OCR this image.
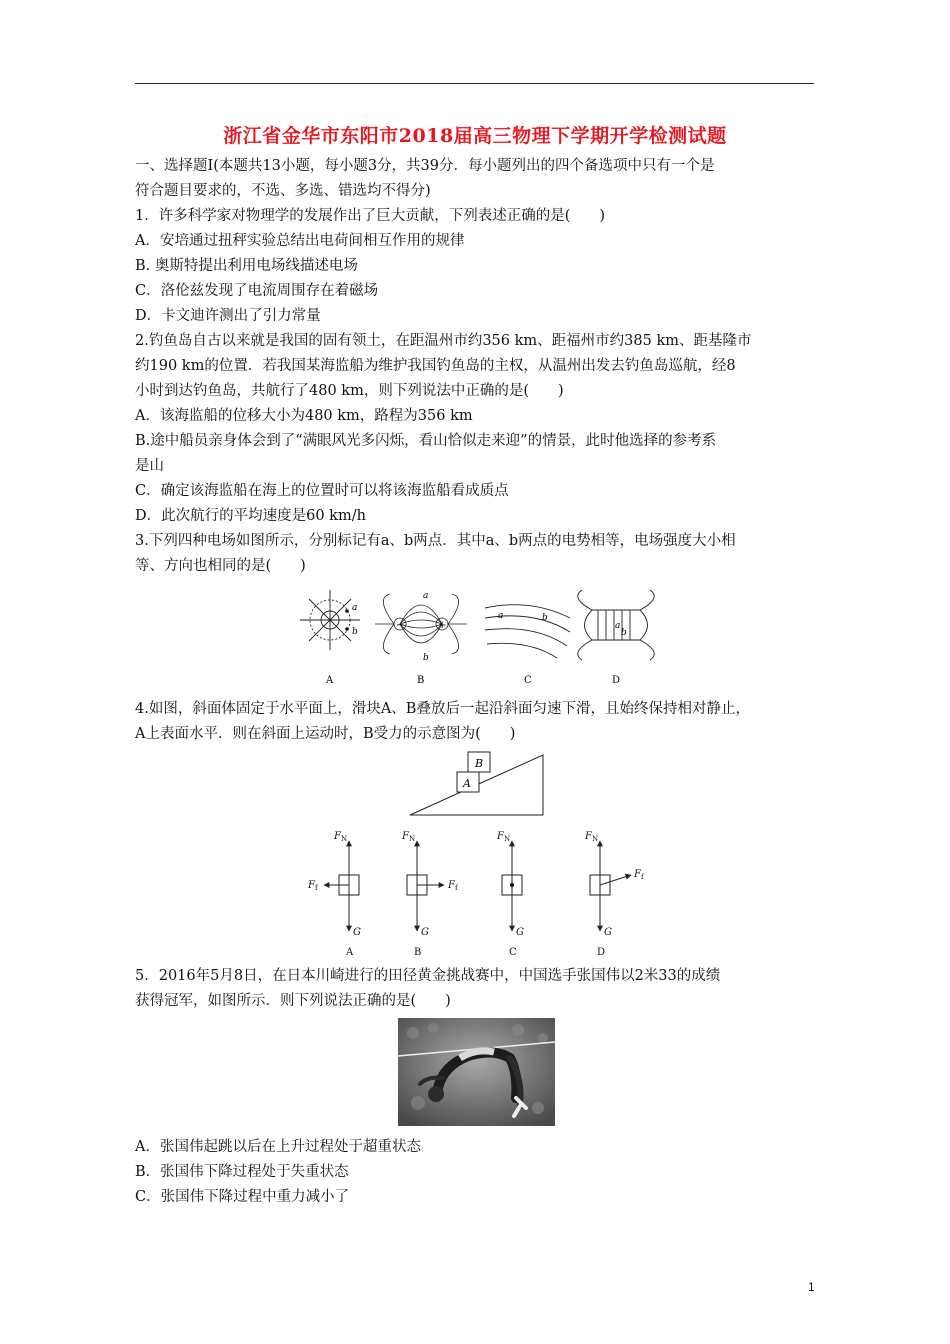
浙江省金华市东阳市2018届高三物理下学期开学检测试题
一、选择题Ⅰ(本题共13小题，每小题3分，共39分．每小题列出的四个备选项中只有一个是
符合题目要求的，不选、多选、错选均不得分)
1．许多科学家对物理学的发展作出了巨大贡献，下列表述正确的是(　　)
A．安培通过扭秤实验总结出电荷间相互作用的规律
B. 奥斯特提出利用电场线描述电场
C．洛伦兹发现了电流周围存在着磁场
D．卡文迪许测出了引力常量
2.钓鱼岛自古以来就是我国的固有领土，在距温州市约356 km、距福州市约385 km、距基隆市
约190 km的位置．若我国某海监船为维护我国钓鱼岛的主权，从温州出发去钓鱼岛巡航，经8
小时到达钓鱼岛，共航行了480 km，则下列说法中正确的是(　　)
A．该海监船的位移大小为480 km，路程为356 km
B.途中船员亲身体会到了“满眼风光多闪烁，看山恰似走来迎”的情景，此时他选择的参考系
是山
C．确定该海监船在海上的位置时可以将该海监船看成质点
D．此次航行的平均速度是60 km/h
3.下列四种电场如图所示，分别标记有a、b两点．其中a、b两点的电势相等，电场强度大小相
等、方向也相同的是(　　)
a
b
−	+
a
b
a	b
a
b
A	B	C	D
4.如图，斜面体固定于水平面上，滑块A、B叠放后一起沿斜面匀速下滑，且始终保持相对静止，
A上表面水平．则在斜面上运动时，B受力的示意图为(　　)
B
A
F N	F N	F N	F N
F f	F f
F f
G	G	G	G
A	B	C	D
5．2016年5月8日，在日本川崎进行的田径黄金挑战赛中，中国选手张国伟以2米33的成绩
获得冠军，如图所示．则下列说法正确的是(　　)
A．张国伟起跳以后在上升过程处于超重状态
B．张国伟下降过程处于失重状态
C．张国伟下降过程中重力减小了
1
